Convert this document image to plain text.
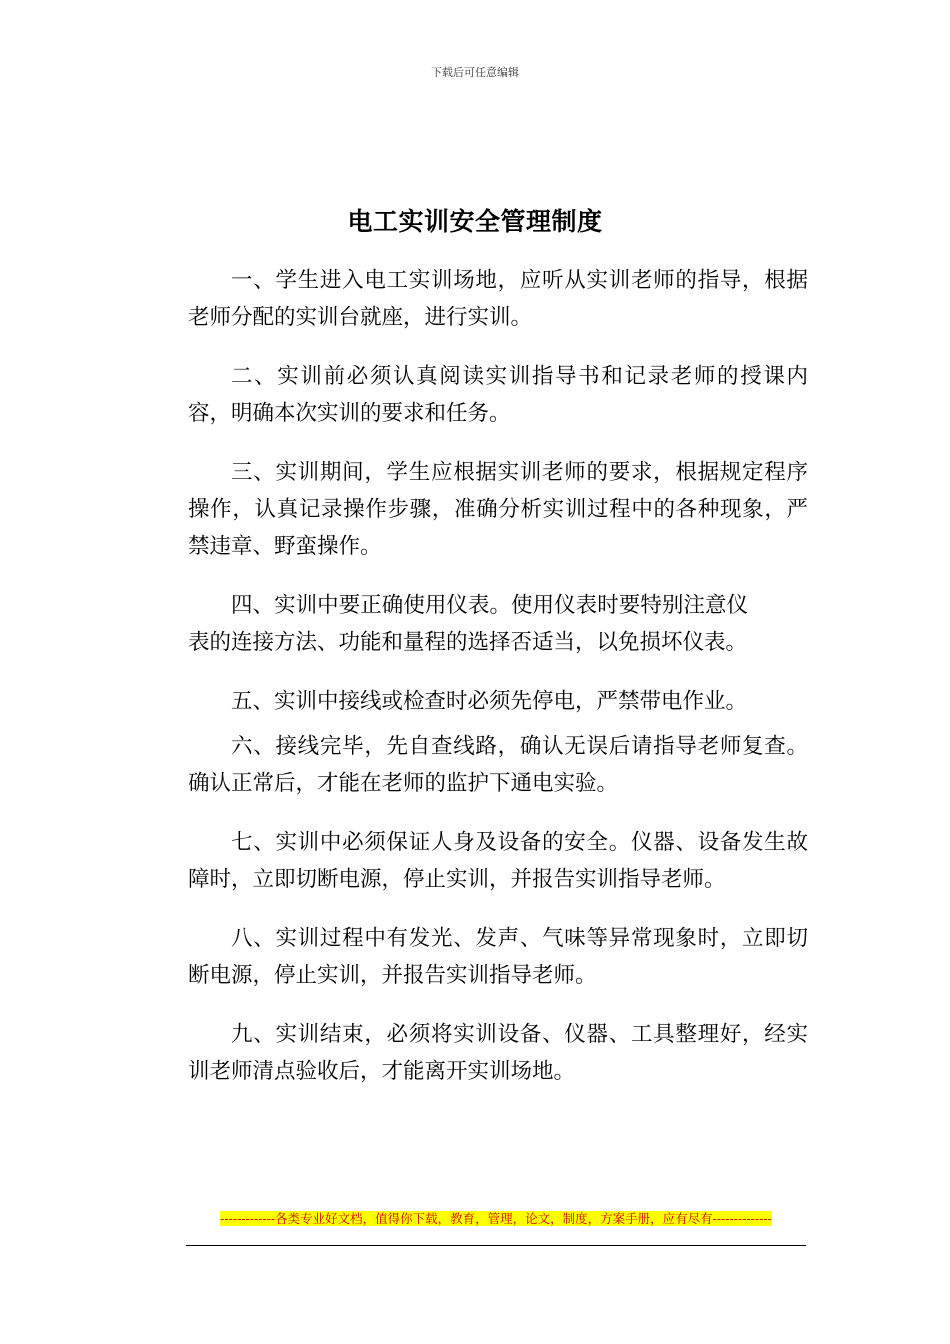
下载后可任意编辑
电工实训安全管理制度

一、学生进入电工实训场地，应听从实训老师的指导，根据老师分配的实训台就座，进行实训。

二、实训前必须认真阅读实训指导书和记录老师的授课内容，明确本次实训的要求和任务。

三、实训期间，学生应根据实训老师的要求，根据规定程序操作，认真记录操作步骤，准确分析实训过程中的各种现象，严禁违章、野蛮操作。

四、实训中要正确使用仪表。使用仪表时要特别注意仪表的连接方法、功能和量程的选择否适当，以免损坏仪表。

五、实训中接线或检查时必须先停电，严禁带电作业。

六、接线完毕，先自查线路，确认无误后请指导老师复查。确认正常后，才能在老师的监护下通电实验。

七、实训中必须保证人身及设备的安全。仪器、设备发生故障时，立即切断电源，停止实训，并报告实训指导老师。

八、实训过程中有发光、发声、气味等异常现象时，立即切断电源，停止实训，并报告实训指导老师。

九、实训结束，必须将实训设备、仪器、工具整理好，经实训老师清点验收后，才能离开实训场地。

-------------各类专业好文档，值得你下载，教育，管理，论文，制度，方案手册，应有尽有--------------
